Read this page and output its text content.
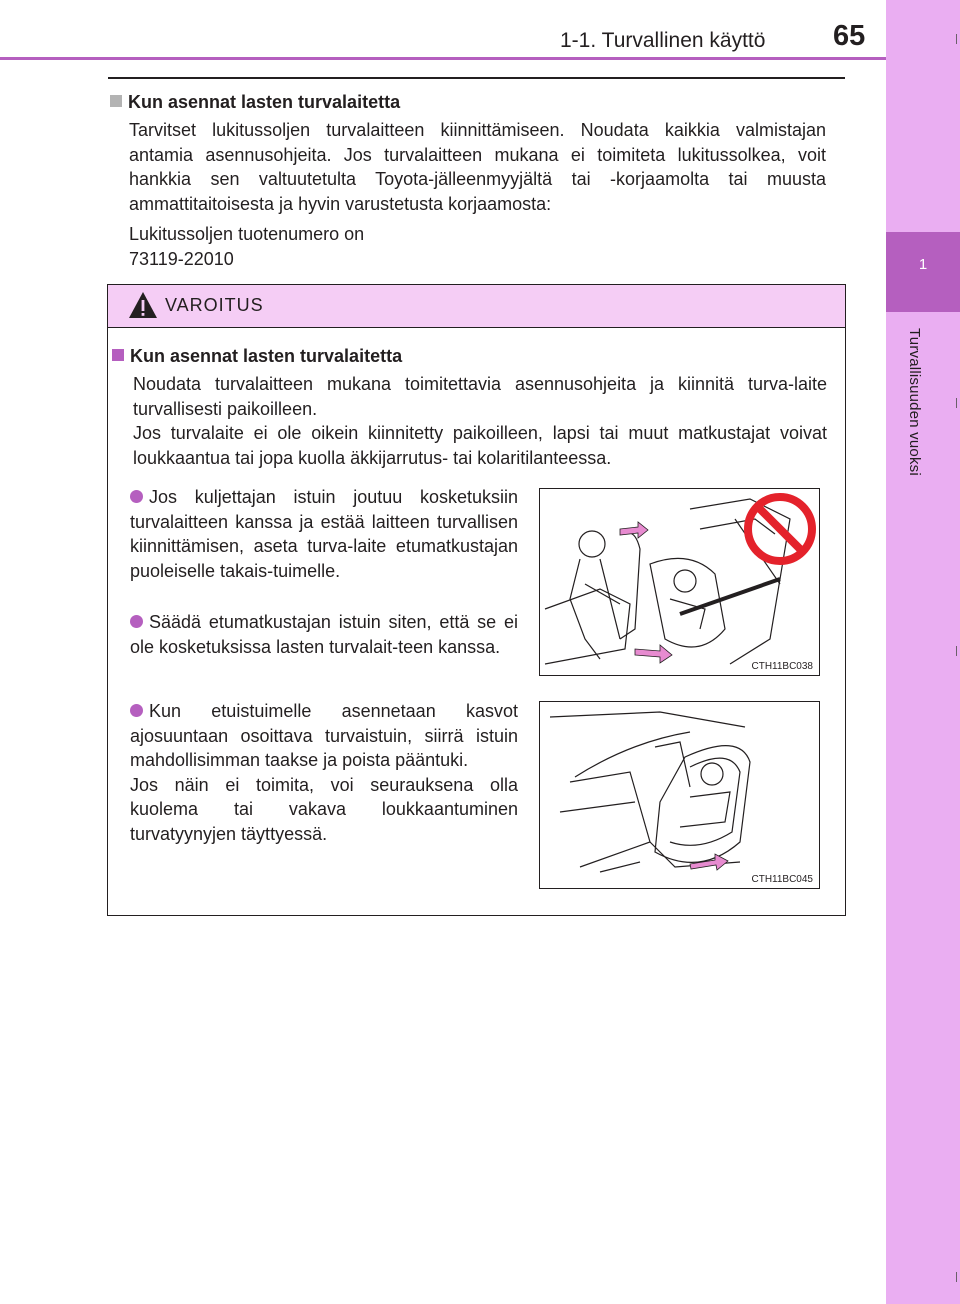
1
Turvallisuuden vuoksi
1-1. Turvallinen käyttö 65
Kun asennat lasten turvalaitetta

Tarvitset lukitussoljen turvalaitteen kiinnittämiseen. Noudata kaikkia valmistajan antamia asennusohjeita. Jos turvalaitteen mukana ei toimiteta lukitussolkea, voit hankkia sen valtuutetulta Toyota-jälleenmyyjältä tai -korjaamolta tai muusta ammattitaitoisesta ja hyvin varustetusta korjaamosta:

Lukitussoljen tuotenumero on
73119-22010

VAROITUS
Kun asennat lasten turvalaitetta

Noudata turvalaitteen mukana toimitettavia asennusohjeita ja kiinnitä turva-laite turvallisesti paikoilleen.
Jos turvalaite ei ole oikein kiinnitetty paikoilleen, lapsi tai muut matkustajat voivat loukkaantua tai jopa kuolla äkkijarrutus- tai kolaritilanteessa.

Jos kuljettajan istuin joutuu kosketuksiin turvalaitteen kanssa ja estää laitteen turvallisen kiinnittämisen, aseta turva-laite etumatkustajan puoleiselle takais-tuimelle.

Säädä etumatkustajan istuin siten, että se ei ole kosketuksissa lasten turvalait-teen kanssa.

Kun etuistuimelle asennetaan kasvot ajosuuntaan osoittava turvaistuin, siirrä istuin mahdollisimman taakse ja poista pääntuki.
Jos näin ei toimita, voi seurauksena olla kuolema tai vakava loukkaantuminen turvatyynyjen täyttyessä.

CTH11BC038
CTH11BC045
